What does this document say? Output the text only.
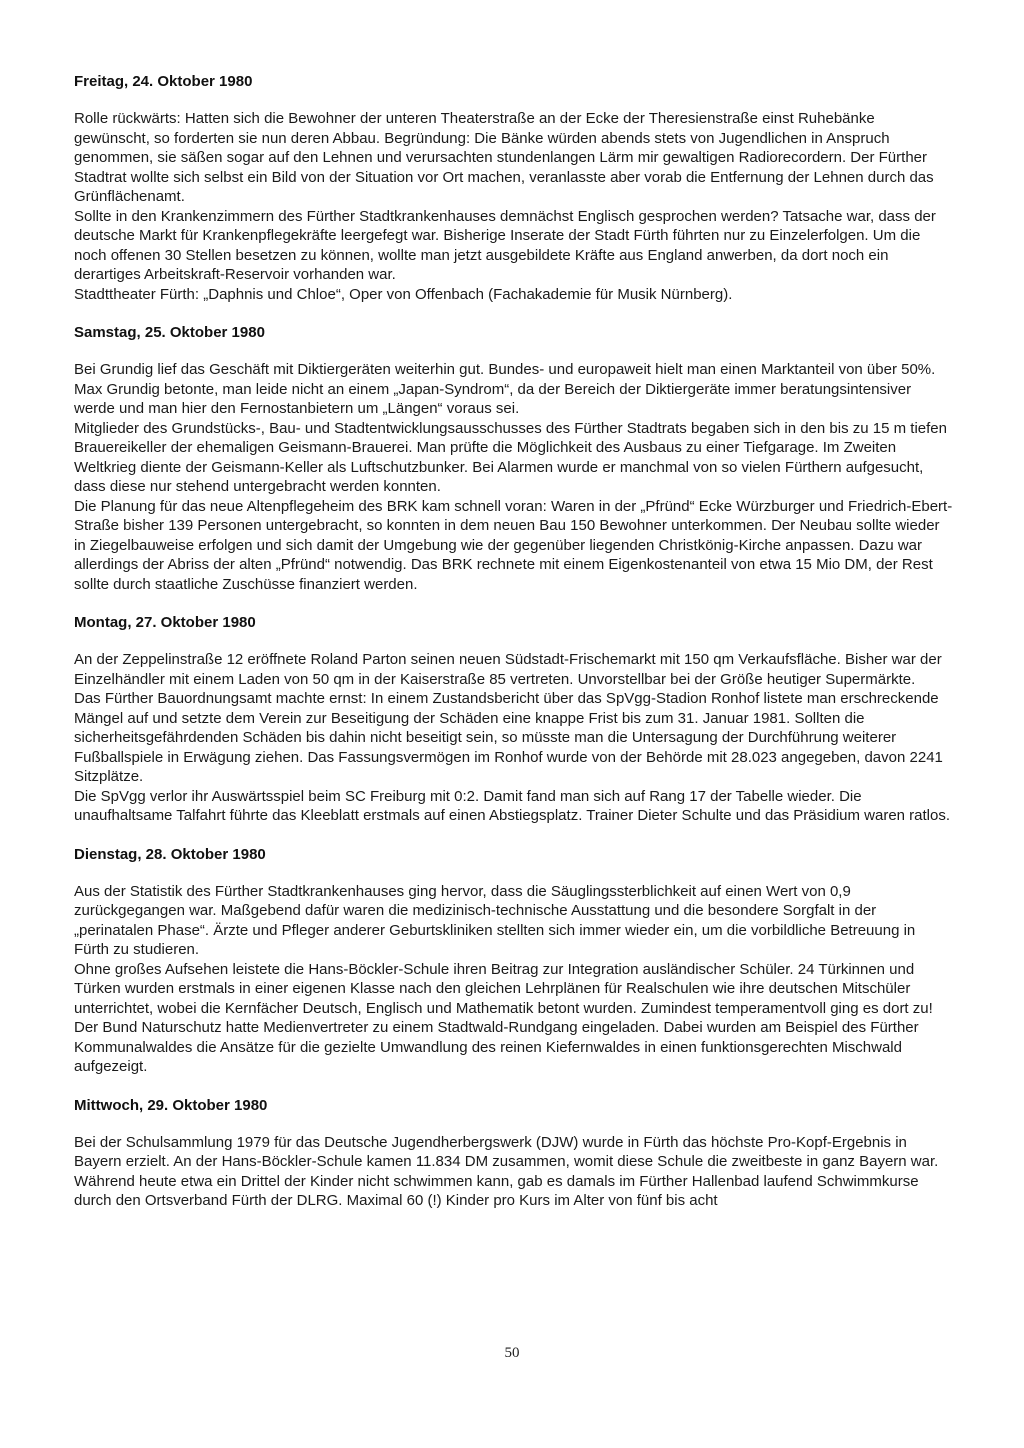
Freitag, 24. Oktober 1980

Rolle rückwärts: Hatten sich die Bewohner der unteren Theaterstraße an der Ecke der Theresienstraße einst Ruhebänke gewünscht, so forderten sie nun deren Abbau. Begründung: Die Bänke würden abends stets von Jugendlichen in Anspruch genommen, sie säßen sogar auf den Lehnen und verursachten stundenlangen Lärm mir gewaltigen Radiorecordern. Der Fürther Stadtrat wollte sich selbst ein Bild von der Situation vor Ort machen, veranlasste aber vorab die Entfernung der Lehnen durch das Grünflächenamt.

Sollte in den Krankenzimmern des Fürther Stadtkrankenhauses demnächst Englisch gesprochen werden? Tatsache war, dass der deutsche Markt für Krankenpflegekräfte leergefegt war. Bisherige Inserate der Stadt Fürth führten nur zu Einzelerfolgen. Um die noch offenen 30 Stellen besetzen zu können, wollte man jetzt ausgebildete Kräfte aus England anwerben, da dort noch ein derartiges Arbeitskraft-Reservoir vorhanden war.

Stadttheater Fürth: „Daphnis und Chloe“, Oper von Offenbach (Fachakademie für Musik Nürnberg).

Samstag, 25. Oktober 1980

Bei Grundig lief das Geschäft mit Diktiergeräten weiterhin gut. Bundes- und europaweit hielt man einen Marktanteil von über 50%. Max Grundig betonte, man leide nicht an einem „Japan-Syndrom“, da der Bereich der Diktiergeräte immer beratungsintensiver werde und man hier den Fernostanbietern um „Längen“ voraus sei.

Mitglieder des Grundstücks-, Bau- und Stadtentwicklungsausschusses des Fürther Stadtrats begaben sich in den bis zu 15 m tiefen Brauereikeller der ehemaligen Geismann-Brauerei. Man prüfte die Möglichkeit des Ausbaus zu einer Tiefgarage. Im Zweiten Weltkrieg diente der Geismann-Keller als Luftschutzbunker. Bei Alarmen wurde er manchmal von so vielen Fürthern aufgesucht, dass diese nur stehend untergebracht werden konnten.

Die Planung für das neue Altenpflegeheim des BRK kam schnell voran: Waren in der „Pfründ“ Ecke Würzburger und Friedrich-Ebert-Straße bisher 139 Personen untergebracht, so konnten in dem neuen Bau 150 Bewohner unterkommen. Der Neubau sollte wieder in Ziegelbauweise erfolgen und sich damit der Umgebung wie der gegenüber liegenden Christkönig-Kirche anpassen. Dazu war allerdings der Abriss der alten „Pfründ“ notwendig. Das BRK rechnete mit einem Eigenkostenanteil von etwa 15 Mio DM, der Rest sollte durch staatliche Zuschüsse finanziert werden.

Montag, 27. Oktober 1980

An der Zeppelinstraße 12 eröffnete Roland Parton seinen neuen Südstadt-Frischemarkt mit 150 qm Verkaufsfläche. Bisher war der Einzelhändler mit einem Laden von 50 qm in der Kaiserstraße 85 vertreten. Unvorstellbar bei der Größe heutiger Supermärkte.

Das Fürther Bauordnungsamt machte ernst: In einem Zustandsbericht über das SpVgg-Stadion Ronhof listete man erschreckende Mängel auf und setzte dem Verein zur Beseitigung der Schäden eine knappe Frist bis zum 31. Januar 1981. Sollten die sicherheitsgefährdenden Schäden bis dahin nicht beseitigt sein, so müsste man die Untersagung der Durchführung weiterer Fußballspiele in Erwägung ziehen. Das Fassungsvermögen im Ronhof wurde von der Behörde mit 28.023 angegeben, davon 2241 Sitzplätze.

Die SpVgg verlor ihr Auswärtsspiel beim SC Freiburg mit 0:2. Damit fand man sich auf Rang 17 der Tabelle wieder. Die unaufhaltsame Talfahrt führte das Kleeblatt erstmals auf einen Abstiegsplatz. Trainer Dieter Schulte und das Präsidium waren ratlos.

Dienstag, 28. Oktober 1980

Aus der Statistik des Fürther Stadtkrankenhauses ging hervor, dass die Säuglingssterblichkeit auf einen Wert von 0,9 zurückgegangen war. Maßgebend dafür waren die medizinisch-technische Ausstattung und die besondere Sorgfalt in der „perinatalen Phase“. Ärzte und Pfleger anderer Geburtskliniken stellten sich immer wieder ein, um die vorbildliche Betreuung in Fürth zu studieren.

Ohne großes Aufsehen leistete die Hans-Böckler-Schule ihren Beitrag zur Integration ausländischer Schüler. 24 Türkinnen und Türken wurden erstmals in einer eigenen Klasse nach den gleichen Lehrplänen für Realschulen wie ihre deutschen Mitschüler unterrichtet, wobei die Kernfächer Deutsch, Englisch und Mathematik betont wurden. Zumindest temperamentvoll ging es dort zu!

Der Bund Naturschutz hatte Medienvertreter zu einem Stadtwald-Rundgang eingeladen. Dabei wurden am Beispiel des Fürther Kommunalwaldes die Ansätze für die gezielte Umwandlung des reinen Kiefernwaldes in einen funktionsgerechten Mischwald aufgezeigt.

Mittwoch, 29. Oktober 1980

Bei der Schulsammlung 1979 für das Deutsche Jugendherbergswerk (DJW) wurde in Fürth das höchste Pro-Kopf-Ergebnis in Bayern erzielt. An der Hans-Böckler-Schule kamen 11.834 DM zusammen, womit diese Schule die zweitbeste in ganz Bayern war.

Während heute etwa ein Drittel der Kinder nicht schwimmen kann, gab es damals im Fürther Hallenbad laufend Schwimmkurse durch den Ortsverband Fürth der DLRG. Maximal 60 (!) Kinder pro Kurs im Alter von fünf bis acht

50
